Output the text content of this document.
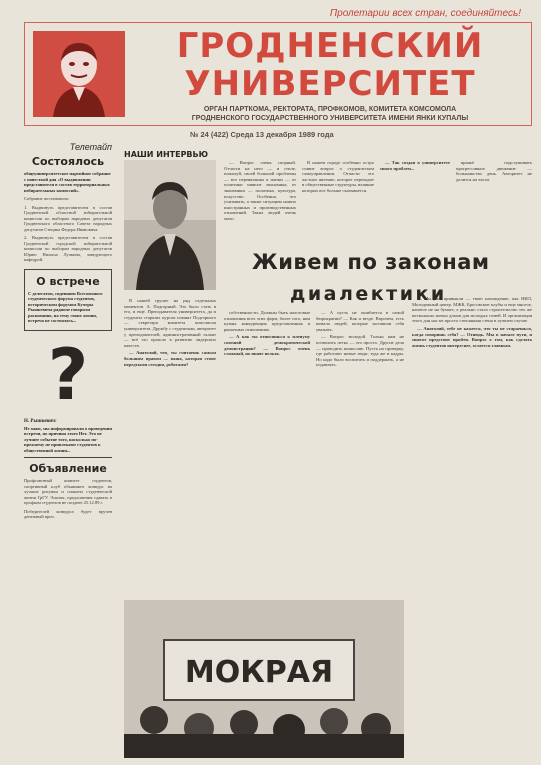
Пролетарии всех стран, соединяйтесь!
ГРОДНЕНСКИЙ
УНИВЕРСИТЕТ
ОРГАН ПАРТКОМА, РЕКТОРАТА, ПРОФКОМОВ, КОМИТЕТА КОМСОМОЛА
ГРОДНЕНСКОГО ГОСУДАРСТВЕННОГО УНИВЕРСИТЕТА ИМЕНИ ЯНКИ КУПАЛЫ
№ 24 (422) Среда 13 декабря 1989 года
Телетайп
Состоялось
общеуниверситетское партийное собрание с повесткой дня «О выдвижении представителя в состав территориальных избирательных комиссий».
Собрание постановило:
1. Выдвинуть представителем в состав Гродненской областной избирательной комиссии по выборам народных депутатов Гродненского областного Совета народных депутатов Стецика Федора Ивановича.
2. Выдвинуть представителем в состав Гродненской городской избирательной комиссии по выборам народных депутатов Юрию Нилыча Лучкина, заведующего кафедрой.
О встрече
С делегатом, сидевшим Всесоюзного студенческого форума студентов, историческим форумом Кучеры Рышкевича радиопе говорили раскованно, на тему своих жизни, встреча не состоялась...
?
Н. Рышкевич:
Не знаю, мы информировали о проведении встречи, но причина этого Нет. Это не лучшее событие того, насколько по-прежнему не привлекают студентов к общественной жизни...
Объявление
Профсоюзный комитет студентов, спортивный клуб объявляют конкурс на лучшие рисунки и плакаты студенческой жизни ГрГУ. Эскизы, предложения сдавать в профком студентов не позднее 25.12.89 г.
Победителей конкурса будет вручен денежный приз.
НАШИ ИНТЕРВЬЮ

— Вопрос очень спорный. Отчасти на него — в стиле, пожалуй, своей большой проблемы — все перевязанны в жизни — от политики зависит экономика, от экономики — политика, культура, искусство. Особенно, что учитывать, а также ситуацию наших иностранных и производственных отношений. Таких людей очень мало.

В нашем городе особенно остро ставит вопрос о студенческом самоуправлении. Отчасти это частное явление, которое переходит в общественные структуры, влияние которых все больше сказывается.

— Так создан в университете много проблем...

враньё подслушивать прогрессивное движение — большинство день. Авторитет не делится на части.

Живем по законам
диалектики

В нашей группе на ряд отдельных моментов. А. Подгорный. Это было стать в его, и ещё. Преподавателя университета, да и студенты старших курсов помнят Подгорного — секретаря комитета комсомола университета. Дружбу с студентами, авторитет у преподавателей, административный талант — всё это прошло в развитие лидерских качеств.

— Анатолий, что, ты считаешь самым большим правом — ваша, которая стоит передтыми сегодня, ребятами?

собственности. Должны быть налоговые отношения всех этих форм, более того, нам нужна конкуренция представленная в рыночных отношениях.

— А как ты относишься к пленуму союзной демократической демонстрации? — Вопрос очень сложный, но иначе нельзя.

— А пусть не ошибается в самой бюрократии? — Как и везде. Впрочем, есть немало людей, которые заставили себя уважать.

— Вопрос молодой. Только нам не позволить легко — это просто. Другие дела — проводить комиссию. Пусть на проверку, где работают новые люди, туда же и кадры. Но надо было воспитать и поддержать, а не подавлять.

— Мы уже привыкли — твою нахождение, как НИЛ, Молодежный центр. МЖК, Бросовские клубы и еще многое, начатое не на бумаге, а реально стало строительство тех же нескольких новых домов для молодых семей. И организация этого для нас не просто стеклянная стена в лучшем случае.

— Анатолий, тебе не кажется, что ты не стараешься, когда говоришь себя? — Отнюдь. Мы в начале пути, и многое предстоит пройти. Вопрос о том, как сделать жизнь студентов интереснее, остается главным.

МОКРАЯ
